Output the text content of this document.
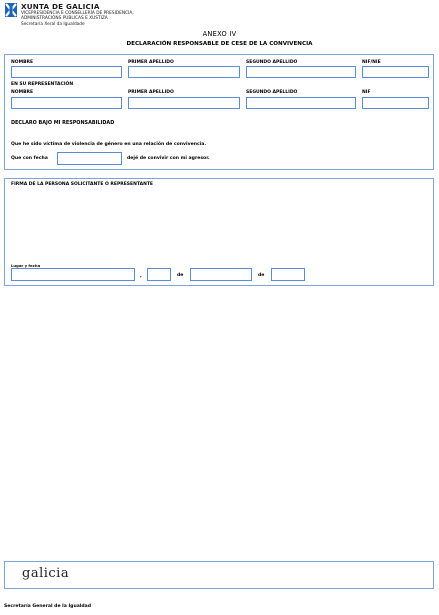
XUNTA DE GALICIA
VICEPRESIDENCIA E CONSELLERÍA DE PRESIDENCIA,
ADMINISTRACIÓNS PÚBLICAS E XUSTIZA
Secretaría Xeral da Igualdade
ANEXO IV
DECLARACIÓN RESPONSABLE DE CESE DE LA CONVIVENCIA
NOMBRE	PRIMER APELLIDO	SEGUNDO APELLIDO	NIF/NIE
EN SU REPRESENTACIÓN
NOMBRE	PRIMER APELLIDO	SEGUNDO APELLIDO	NIF
DECLARO BAJO MI RESPONSABILIDAD
Que he sido víctima de violencia de género en una relación de convivencia.
Que con fecha	dejé de convivir con mi agresor.
FIRMA DE LA PERSONA SOLICITANTE O REPRESENTANTE
Lugar y fecha
,	de	de
galicia
Secretaría General de la Igualdad
